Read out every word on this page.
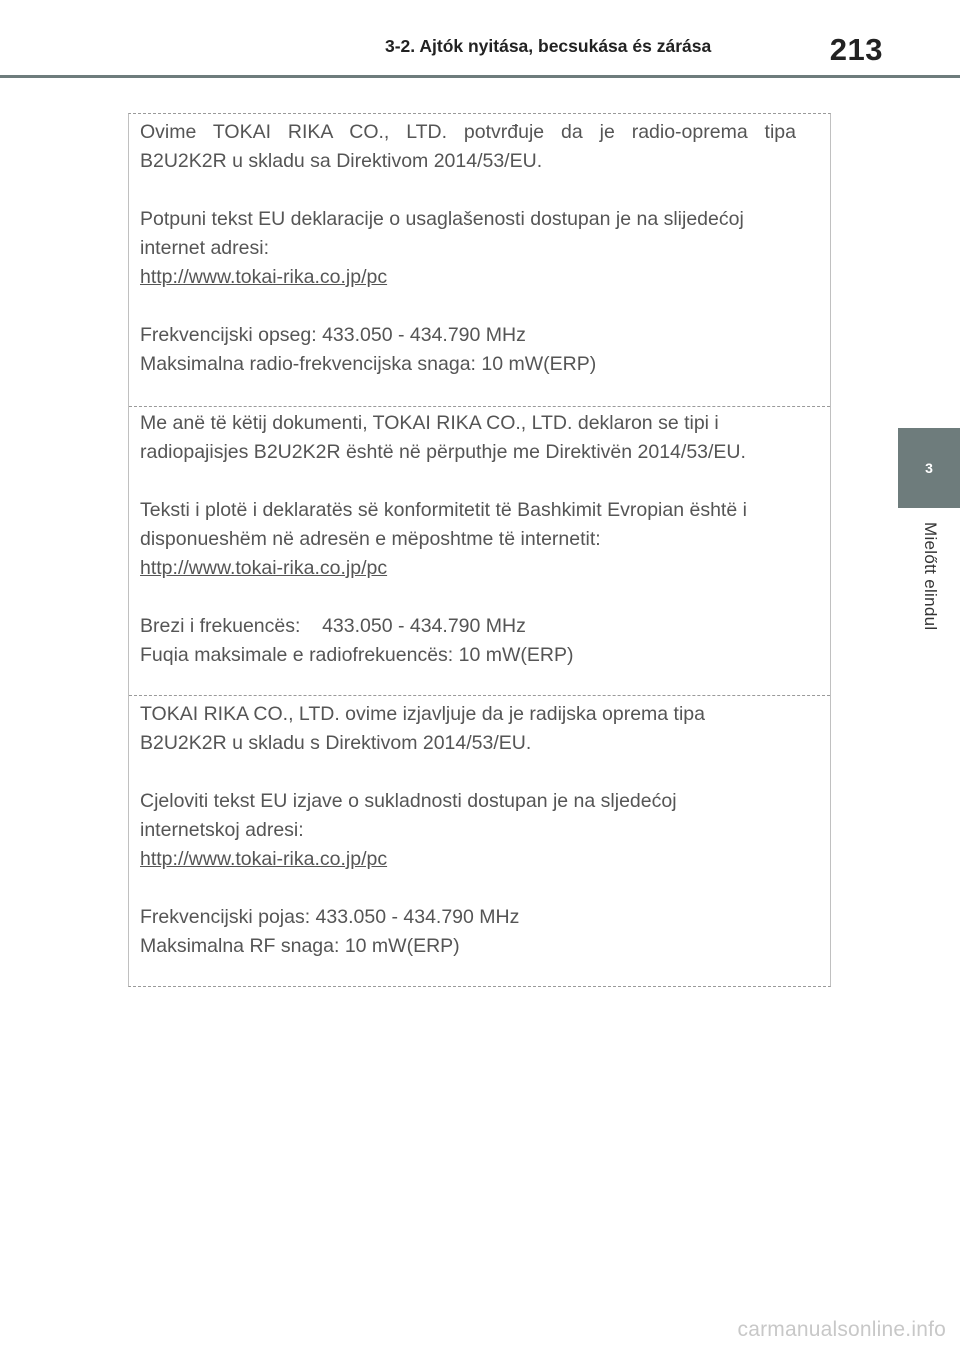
3-2. Ajtók nyitása, becsukása és zárása	213
3
Mielőtt elindul
Ovime TOKAI RIKA CO., LTD. potvrđuje da je radio-oprema tipa
B2U2K2R u skladu sa Direktivom 2014/53/EU.
Potpuni tekst EU deklaracije o usaglašenosti dostupan je na slijedećoj
internet adresi:
http://www.tokai-rika.co.jp/pc
Frekvencijski opseg: 433.050 - 434.790 MHz
Maksimalna radio-frekvencijska snaga: 10 mW(ERP)
Me anë të këtij dokumenti, TOKAI RIKA CO., LTD. deklaron se tipi i
radiopajisjes B2U2K2R është në përputhje me Direktivën 2014/53/EU.
Teksti i plotë i deklaratës së konformitetit të Bashkimit Evropian është i
disponueshëm në adresën e mëposhtme të internetit:
http://www.tokai-rika.co.jp/pc
Brezi i frekuencës:    433.050 - 434.790 MHz
Fuqia maksimale e radiofrekuencës: 10 mW(ERP)
TOKAI RIKA CO., LTD. ovime izjavljuje da je radijska oprema tipa
B2U2K2R u skladu s Direktivom 2014/53/EU.
Cjeloviti tekst EU izjave o sukladnosti dostupan je na sljedećoj
internetskoj adresi:
http://www.tokai-rika.co.jp/pc
Frekvencijski pojas: 433.050 - 434.790 MHz
Maksimalna RF snaga: 10 mW(ERP)
carmanualsonline.info
